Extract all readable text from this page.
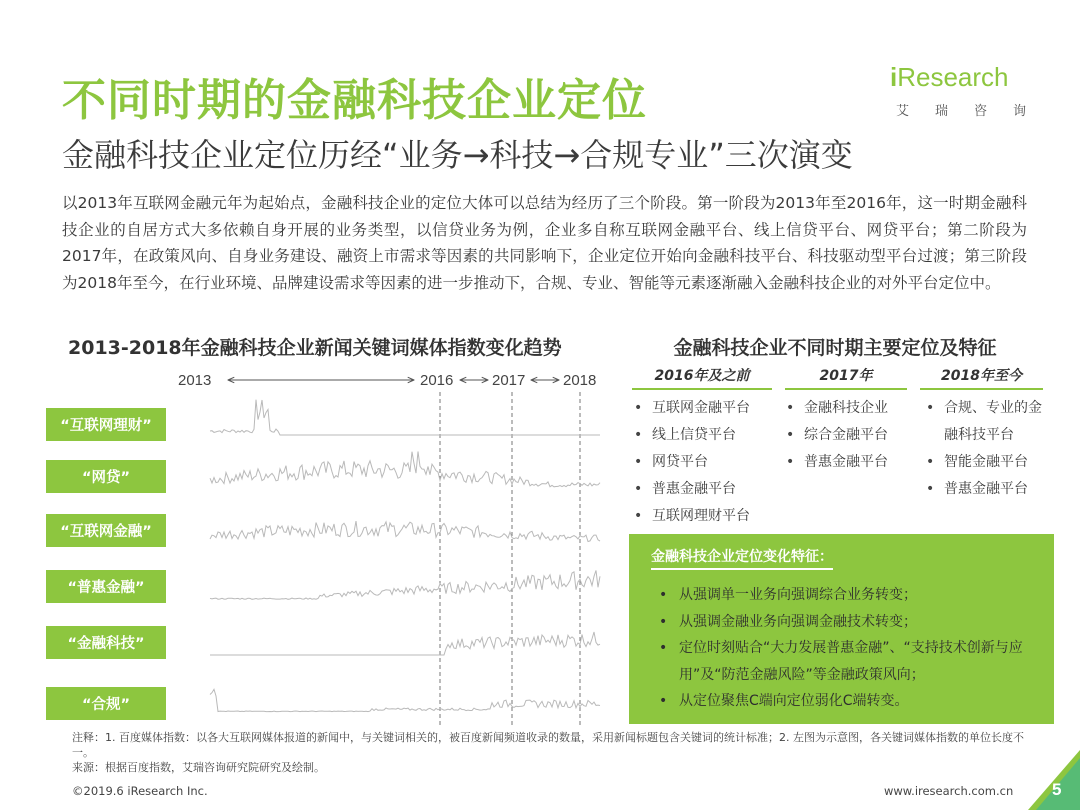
不同时期的金融科技企业定位
金融科技企业定位历经“业务→科技→合规专业”三次演变
iResearch
艾 瑞 咨 询

以2013年互联网金融元年为起始点，金融科技企业的定位大体可以总结为经历了三个阶段。第一阶段为2013年至2016年，这一时期金融科技企业的自居方式大多依赖自身开展的业务类型，以信贷业务为例，企业多自称互联网金融平台、线上信贷平台、网贷平台；第二阶段为2017年，在政策风向、自身业务建设、融资上市需求等因素的共同影响下，企业定位开始向金融科技平台、科技驱动型平台过渡；第三阶段为2018年至今，在行业环境、品牌建设需求等因素的进一步推动下，合规、专业、智能等元素逐渐融入金融科技企业的对外平台定位中。

2013-2018年金融科技企业新闻关键词媒体指数变化趋势
“互联网理财”
“网贷”
“互联网金融”
“普惠金融”
“金融科技”
“合规”
2013	2016	2017	2018
金融科技企业不同时期主要定位及特征
2016年及之前
• 互联网金融平台
• 线上信贷平台
• 网贷平台
• 普惠金融平台
• 互联网理财平台
2017年
• 金融科技企业
• 综合金融平台
• 普惠金融平台
2018年至今
• 合规、专业的金融科技平台
• 智能金融平台
• 普惠金融平台
金融科技企业定位变化特征：
• 从强调单一业务向强调综合业务转变；
• 从强调金融业务向强调金融技术转变；
• 定位时刻贴合“大力发展普惠金融”、“支持技术创新与应用”及“防范金融风险”等金融政策风向；
• 从定位聚焦C端向定位弱化C端转变。
注释：1. 百度媒体指数：以各大互联网媒体报道的新闻中，与关键词相关的，被百度新闻频道收录的数量，采用新闻标题包含关键词的统计标准；2. 左图为示意图，各关键词媒体指数的单位长度不一。
来源：根据百度指数，艾瑞咨询研究院研究及绘制。
©2019.6 iResearch Inc.	www.iresearch.com.cn 5
